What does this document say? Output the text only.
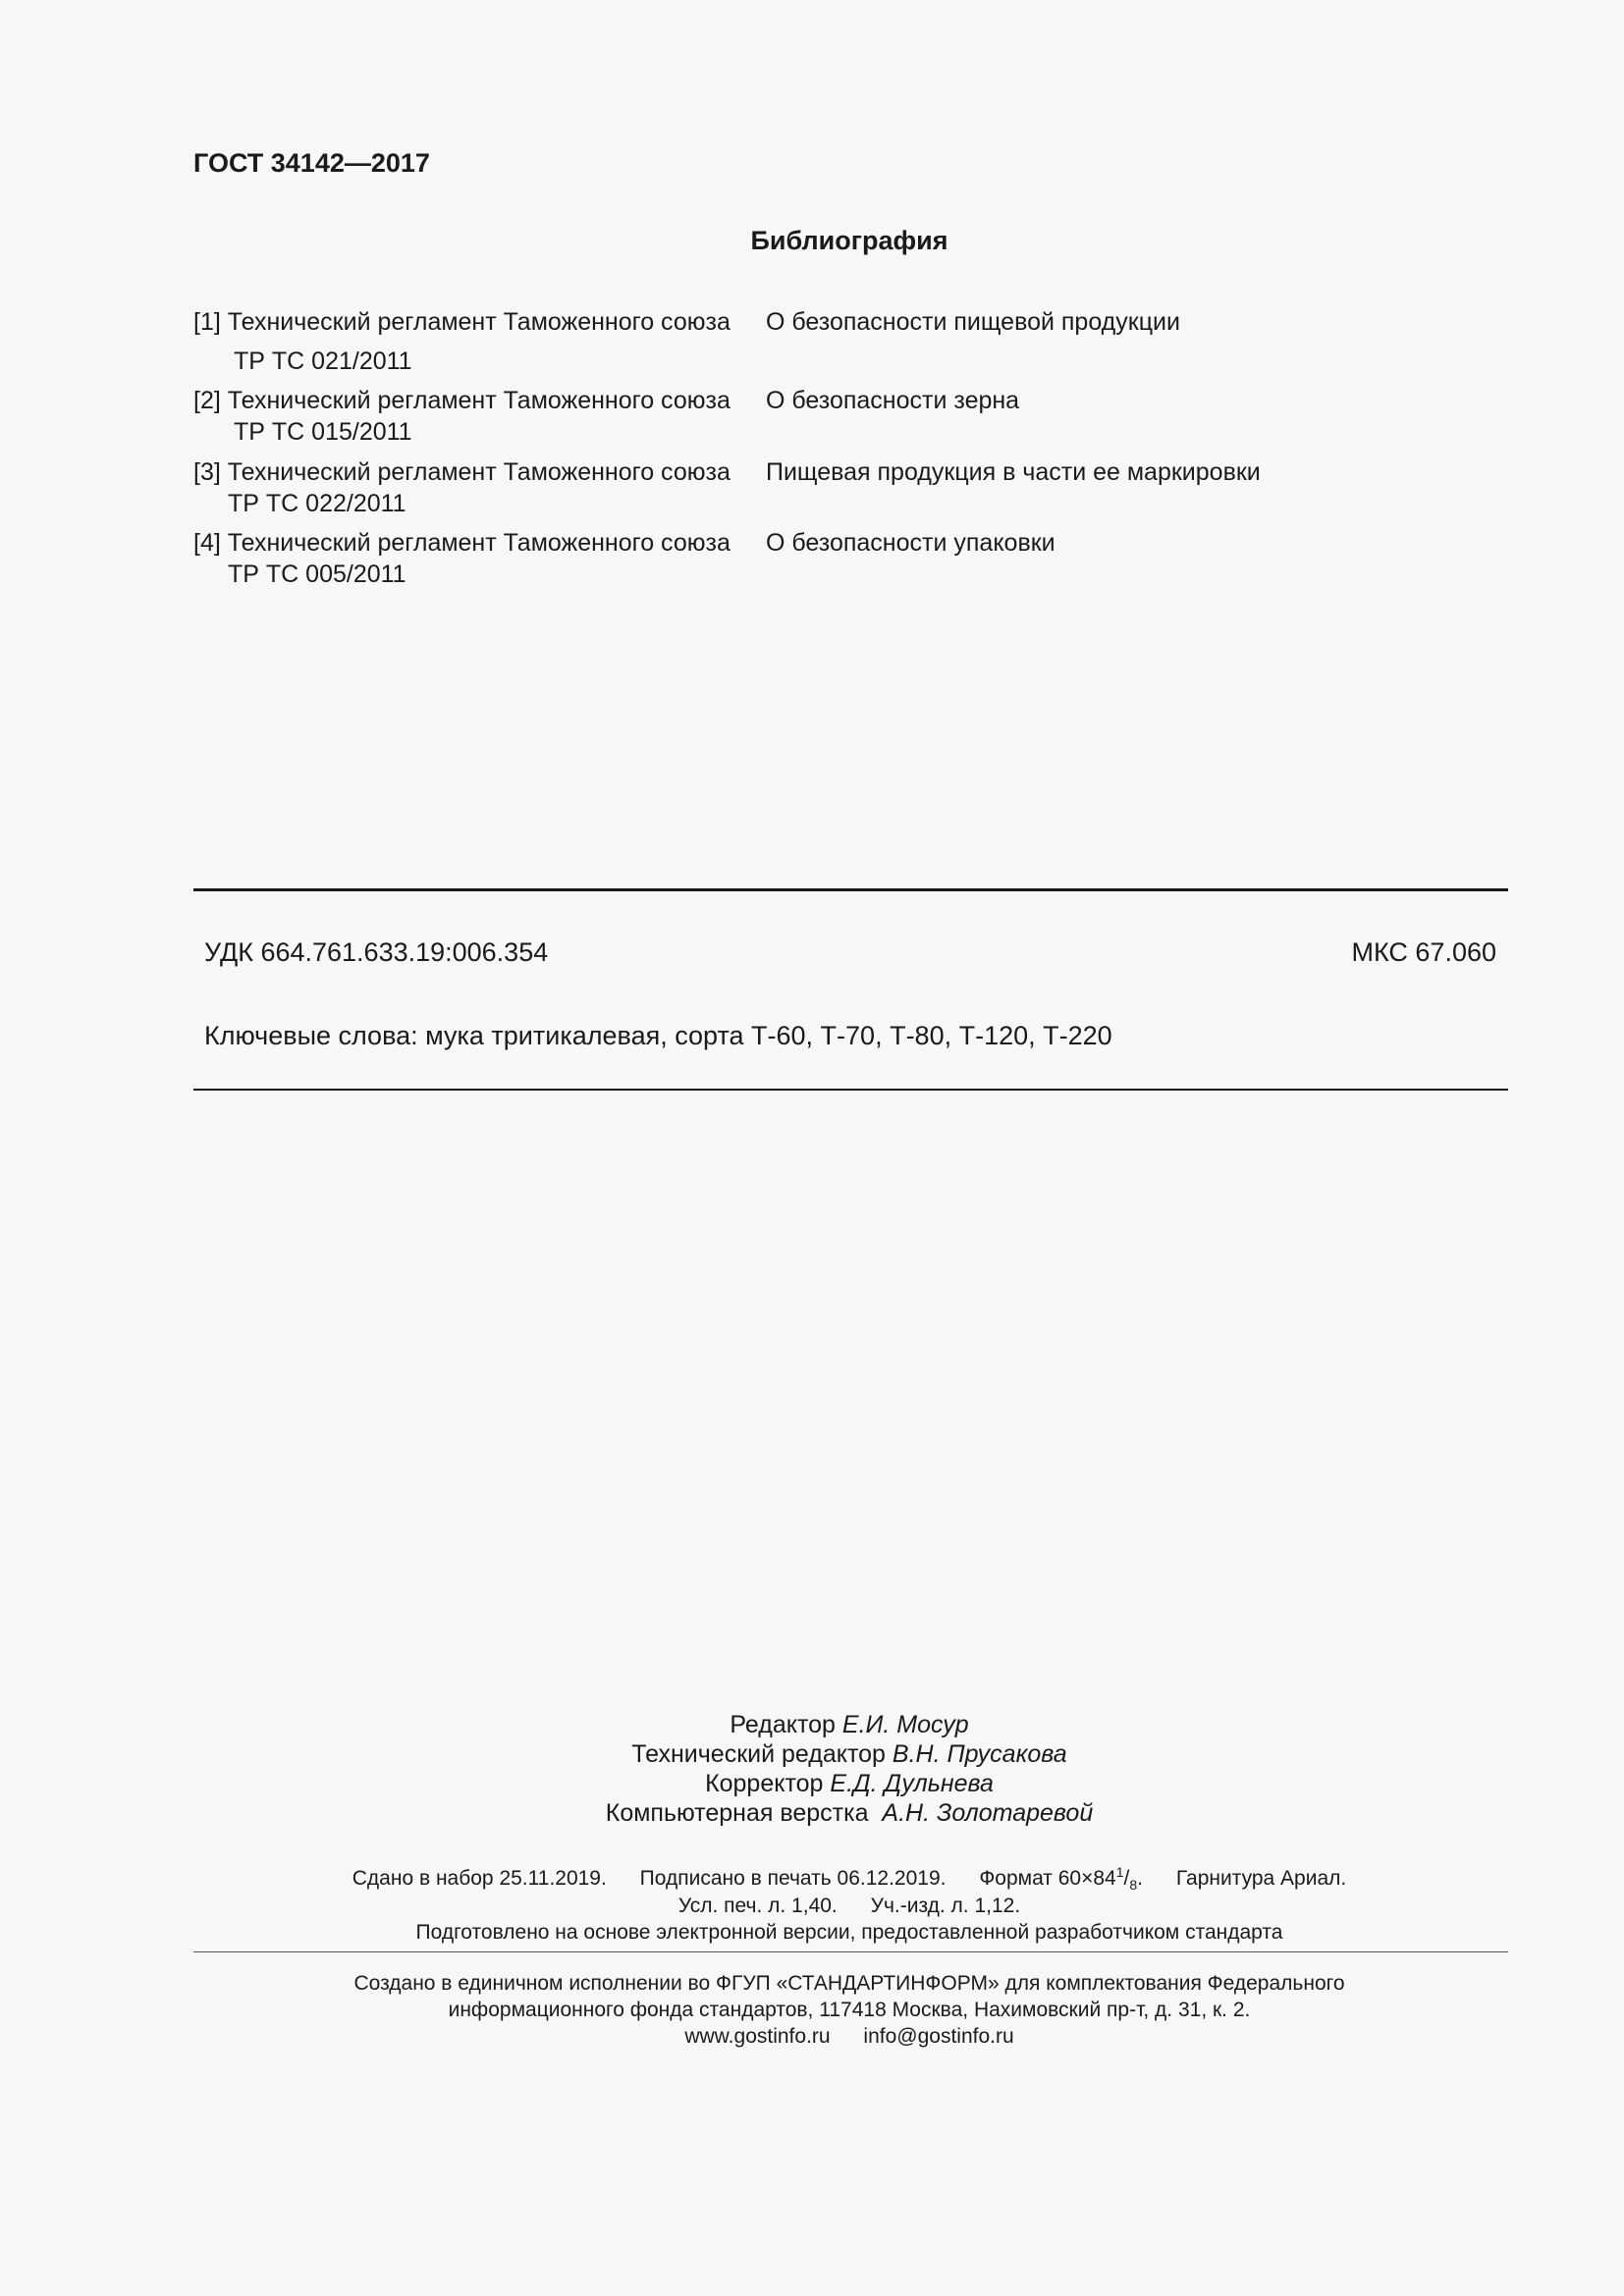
ГОСТ 34142—2017
Библиография
[1] Технический регламент Таможенного союза
ТР ТС 021/2011
О безопасности пищевой продукции
[2] Технический регламент Таможенного союза
ТР ТС 015/2011
О безопасности зерна
[3] Технический регламент Таможенного союза
ТР ТС 022/2011
Пищевая продукция в части ее маркировки
[4] Технический регламент Таможенного союза
ТР ТС 005/2011
О безопасности упаковки
УДК 664.761.633.19:006.354	МКС 67.060
Ключевые слова: мука тритикалевая, сорта Т-60, Т-70, Т-80, Т-120, Т-220
Редактор Е.И. Мосур
Технический редактор В.Н. Прусакова
Корректор Е.Д. Дульнева
Компьютерная верстка А.Н. Золотаревой
Сдано в набор 25.11.2019. Подписано в печать 06.12.2019. Формат $60\times 84^1/_8$. Гарнитура Ариал.
Усл. печ. л. 1,40. Уч.-изд. л. 1,12.
Подготовлено на основе электронной версии, предоставленной разработчиком стандарта
Создано в единичном исполнении во ФГУП «СТАНДАРТИНФОРМ» для комплектования Федерального
информационного фонда стандартов, 117418 Москва, Нахимовский пр-т, д. 31, к. 2.
www.gostinfo.ru info@gostinfo.ru
